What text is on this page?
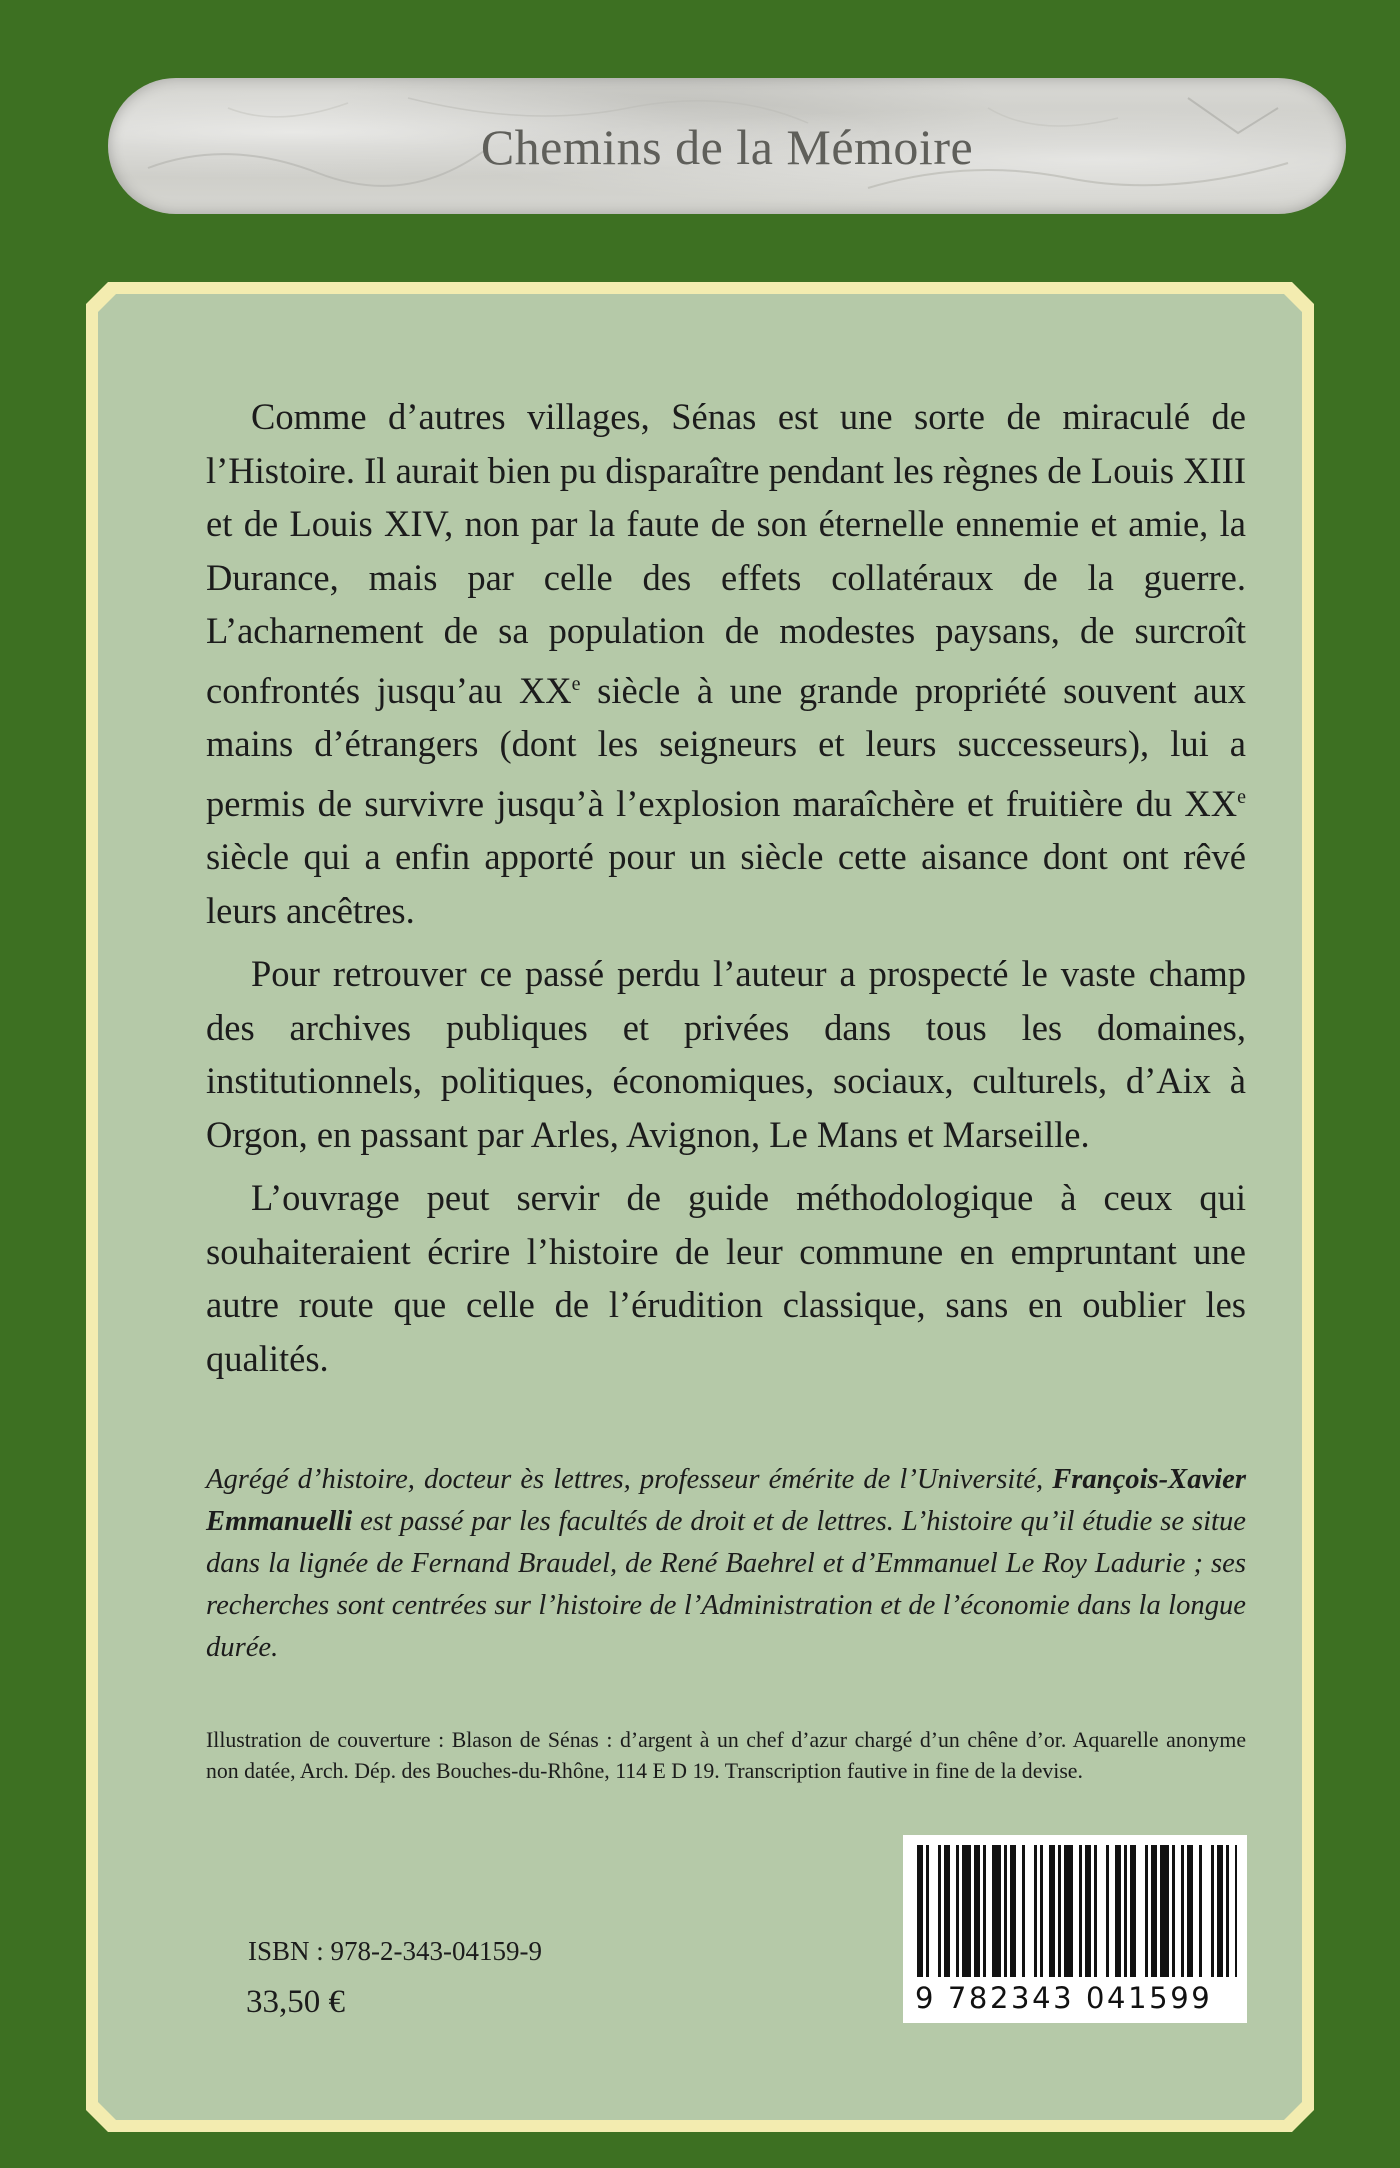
Chemins de la Mémoire

Comme d’autres villages, Sénas est une sorte de miraculé de l’Histoire. Il aurait bien pu disparaître pendant les règnes de Louis XIII et de Louis XIV, non par la faute de son éternelle ennemie et amie, la Durance, mais par celle des effets collatéraux de la guerre. L’acharnement de sa population de modestes paysans, de surcroît confrontés jusqu’au XXe siècle à une grande propriété souvent aux mains d’étrangers (dont les seigneurs et leurs successeurs), lui a permis de survivre jusqu’à l’explosion maraîchère et fruitière du XXe siècle qui a enfin apporté pour un siècle cette aisance dont ont rêvé leurs ancêtres.

Pour retrouver ce passé perdu l’auteur a prospecté le vaste champ des archives publiques et privées dans tous les domaines, institutionnels, politiques, économiques, sociaux, culturels, d’Aix à Orgon, en passant par Arles, Avignon, Le Mans et Marseille.

L’ouvrage peut servir de guide méthodologique à ceux qui souhaiteraient écrire l’histoire de leur commune en empruntant une autre route que celle de l’érudition classique, sans en oublier les qualités.

Agrégé d’histoire, docteur ès lettres, professeur émérite de l’Université, François-Xavier Emmanuelli est passé par les facultés de droit et de lettres. L’histoire qu’il étudie se situe dans la lignée de Fernand Braudel, de René Baehrel et d’Emmanuel Le Roy Ladurie ; ses recherches sont centrées sur l’histoire de l’Administration et de l’économie dans la longue durée.
Illustration de couverture : Blason de Sénas : d’argent à un chef d’azur chargé d’un chêne d’or. Aquarelle anonyme non datée, Arch. Dép. des Bouches-du-Rhône, 114 E D 19. Transcription fautive in fine de la devise.
ISBN : 978-2-343-04159-9
33,50 €	9 782343 041599
